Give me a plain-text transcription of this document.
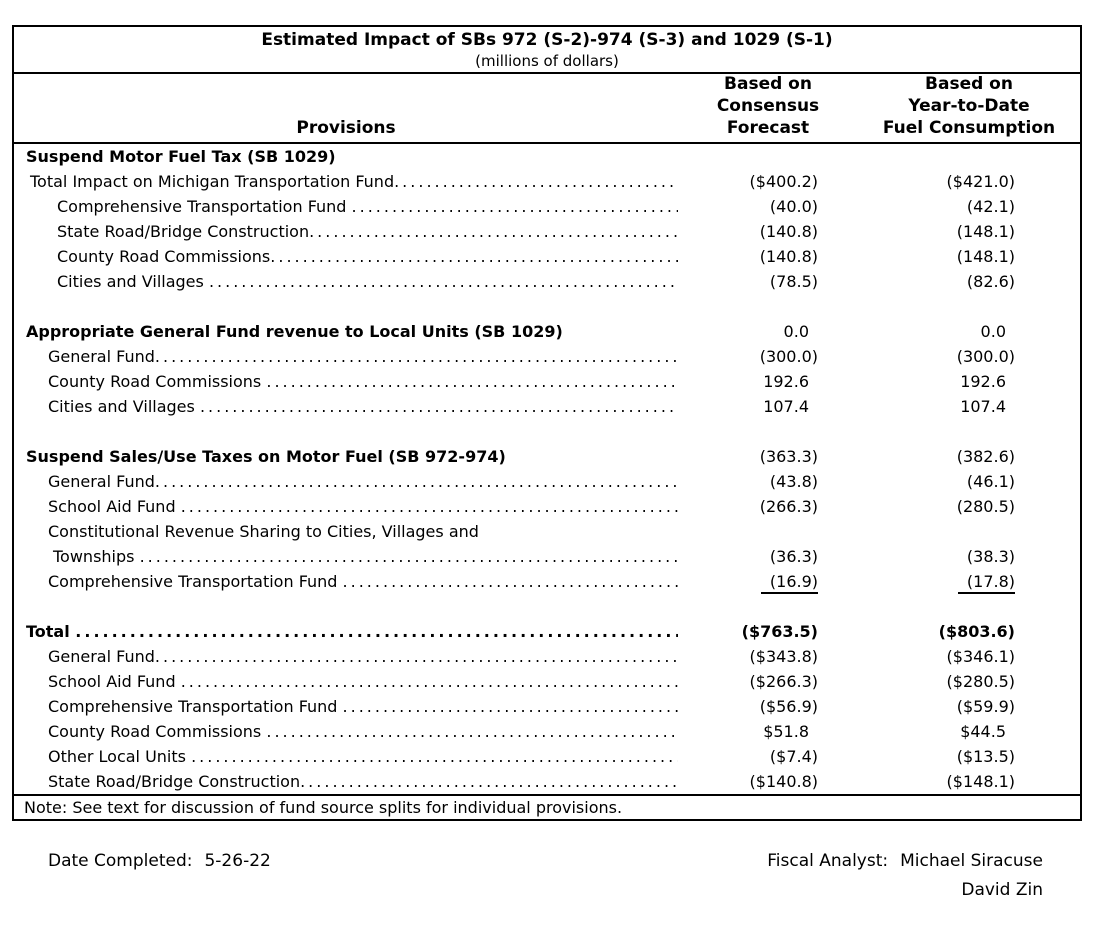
Estimated Impact of SBs 972 (S-2)-974 (S-3) and 1029 (S-1)
(millions of dollars)
Provisions
Based on
Consensus
Forecast
Based on
Year-to-Date
Fuel Consumption
Suspend Motor Fuel Tax (SB 1029)
Total Impact on Michigan Transportation Fund .....	($400.2)	($421.0)
Comprehensive Transportation Fund .....	(40.0)	(42.1)
State Road/Bridge Construction .....	(140.8)	(148.1)
County Road Commissions .....	(140.8)	(148.1)
Cities and Villages .....	(78.5)	(82.6)
Appropriate General Fund revenue to Local Units (SB 1029)	0.0	0.0
General Fund .....	(300.0)	(300.0)
County Road Commissions .....	192.6	192.6
Cities and Villages .....	107.4	107.4
Suspend Sales/Use Taxes on Motor Fuel (SB 972-974)	(363.3)	(382.6)
General Fund .....	(43.8)	(46.1)
School Aid Fund .....	(266.3)	(280.5)
Constitutional Revenue Sharing to Cities, Villages and
Townships .....	(36.3)	(38.3)
Comprehensive Transportation Fund .....	(16.9)	(17.8)
Total .....	($763.5)	($803.6)
General Fund .....	($343.8)	($346.1)
School Aid Fund .....	($266.3)	($280.5)
Comprehensive Transportation Fund .....	($56.9)	($59.9)
County Road Commissions .....	$51.8	$44.5
Other Local Units .....	($7.4)	($13.5)
State Road/Bridge Construction .....	($140.8)	($148.1)
Note: See text for discussion of fund source splits for individual provisions.
Date Completed: 5-26-22	Fiscal Analyst: Michael Siracuse
David Zin
